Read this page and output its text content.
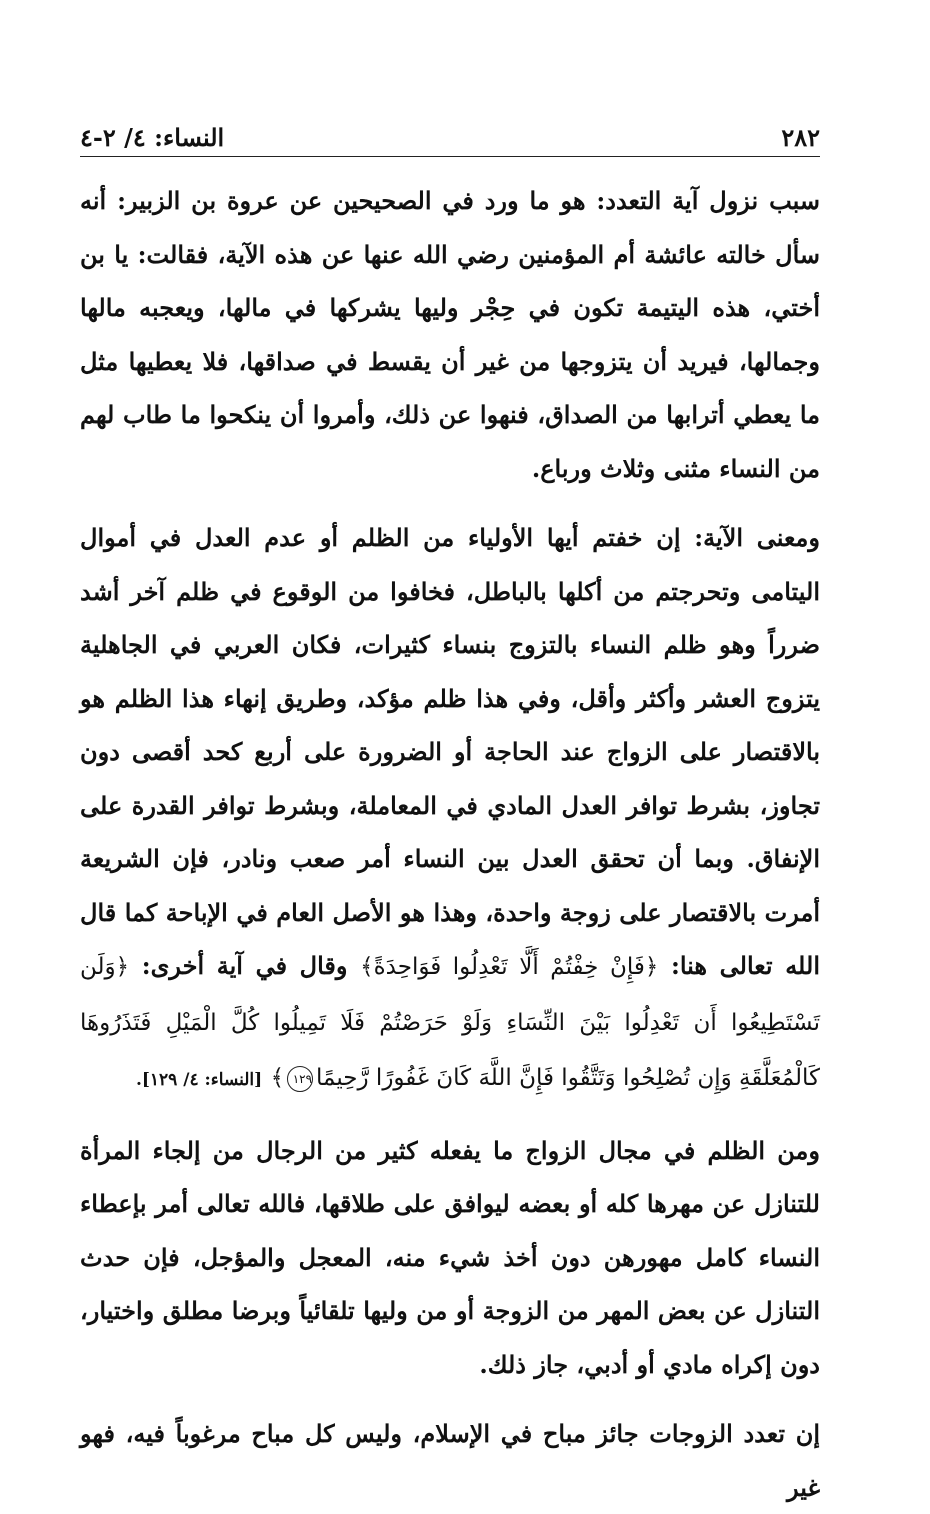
النساء: ٤/ ٢-٤	٢٨٢

سبب نزول آية التعدد: هو ما ورد في الصحيحين عن عروة بن الزبير: أنه سأل خالته عائشة أم المؤمنين رضي الله عنها عن هذه الآية، فقالت: يا بن أختي، هذه اليتيمة تكون في حِجْر وليها يشركها في مالها، ويعجبه مالها وجمالها، فيريد أن يتزوجها من غير أن يقسط في صداقها، فلا يعطيها مثل ما يعطي أترابها من الصداق، فنهوا عن ذلك، وأمروا أن ينكحوا ما طاب لهم من النساء مثنى وثلاث ورباع.

ومعنى الآية: إن خفتم أيها الأولياء من الظلم أو عدم العدل في أموال اليتامى وتحرجتم من أكلها بالباطل، فخافوا من الوقوع في ظلم آخر أشد ضرراً وهو ظلم النساء بالتزوج بنساء كثيرات، فكان العربي في الجاهلية يتزوج العشر وأكثر وأقل، وفي هذا ظلم مؤكد، وطريق إنهاء هذا الظلم هو بالاقتصار على الزواج عند الحاجة أو الضرورة على أربع كحد أقصى دون تجاوز، بشرط توافر العدل المادي في المعاملة، وبشرط توافر القدرة على الإنفاق. وبما أن تحقق العدل بين النساء أمر صعب ونادر، فإن الشريعة أمرت بالاقتصار على زوجة واحدة، وهذا هو الأصل العام في الإباحة كما قال الله تعالى هنا: ﴿فَإِنْ خِفْتُمْ أَلَّا تَعْدِلُوا فَوَاحِدَةً﴾ وقال في آية أخرى: ﴿وَلَن تَسْتَطِيعُوا أَن تَعْدِلُوا بَيْنَ النِّسَاءِ وَلَوْ حَرَصْتُمْ فَلَا تَمِيلُوا كُلَّ الْمَيْلِ فَتَذَرُوهَا كَالْمُعَلَّقَةِ وَإِن تُصْلِحُوا وَتَتَّقُوا فَإِنَّ اللَّهَ كَانَ غَفُورًا رَّحِيمًا١٢٩﴾ [النساء: ٤/ ١٢٩].

ومن الظلم في مجال الزواج ما يفعله كثير من الرجال من إلجاء المرأة للتنازل عن مهرها كله أو بعضه ليوافق على طلاقها، فالله تعالى أمر بإعطاء النساء كامل مهورهن دون أخذ شيء منه، المعجل والمؤجل، فإن حدث التنازل عن بعض المهر من الزوجة أو من وليها تلقائياً وبرضا مطلق واختيار، دون إكراه مادي أو أدبي، جاز ذلك.

إن تعدد الزوجات جائز مباح في الإسلام، وليس كل مباح مرغوباً فيه، فهو غير
